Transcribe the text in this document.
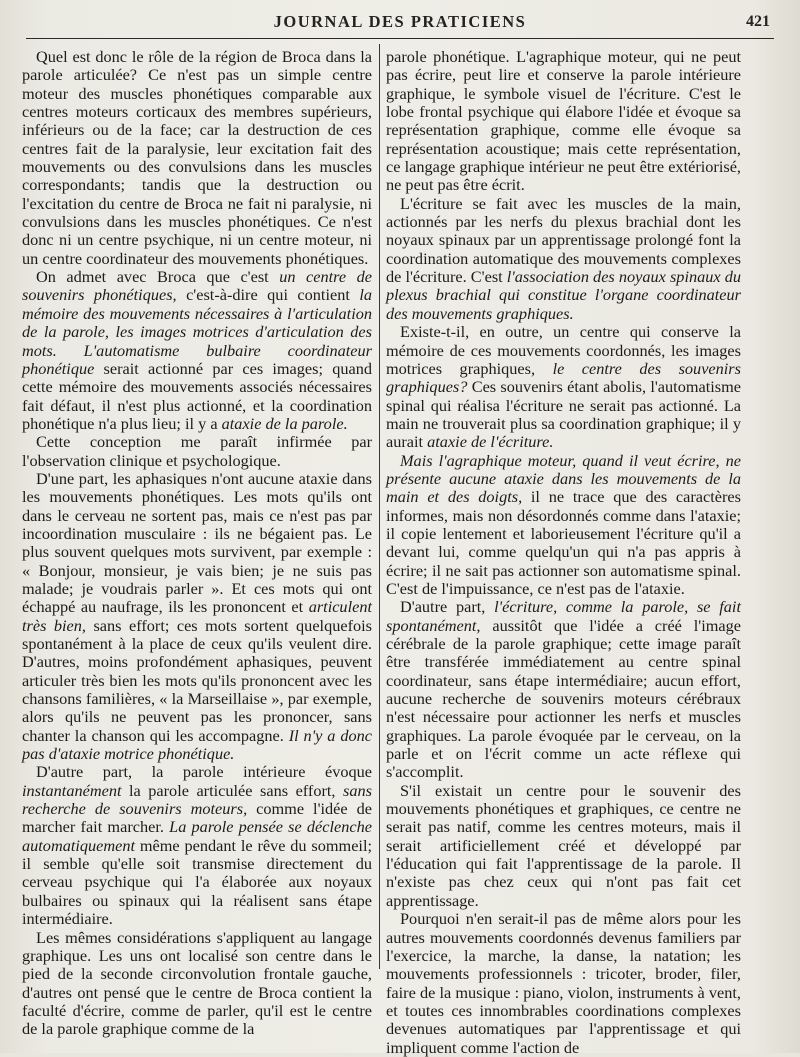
JOURNAL DES PRATICIENS	421

Quel est donc le rôle de la région de Broca dans la parole articulée? Ce n'est pas un simple centre moteur des muscles phonétiques comparable aux centres moteurs corticaux des membres supérieurs, inférieurs ou de la face; car la destruction de ces centres fait de la paralysie, leur excitation fait des mouvements ou des convulsions dans les muscles correspondants; tandis que la destruction ou l'excitation du centre de Broca ne fait ni paralysie, ni convulsions dans les muscles phonétiques. Ce n'est donc ni un centre psychique, ni un centre moteur, ni un centre coordinateur des mouvements phonétiques.

On admet avec Broca que c'est un centre de souvenirs phonétiques, c'est-à-dire qui contient la mémoire des mouvements nécessaires à l'articulation de la parole, les images motrices d'articulation des mots. L'automatisme bulbaire coordinateur phonétique serait actionné par ces images; quand cette mémoire des mouvements associés nécessaires fait défaut, il n'est plus actionné, et la coordination phonétique n'a plus lieu; il y a ataxie de la parole.

Cette conception me paraît infirmée par l'observation clinique et psychologique.

D'une part, les aphasiques n'ont aucune ataxie dans les mouvements phonétiques. Les mots qu'ils ont dans le cerveau ne sortent pas, mais ce n'est pas par incoordination musculaire : ils ne bégaient pas. Le plus souvent quelques mots survivent, par exemple : « Bonjour, monsieur, je vais bien; je ne suis pas malade; je voudrais parler ». Et ces mots qui ont échappé au naufrage, ils les prononcent et articulent très bien, sans effort; ces mots sortent quelquefois spontanément à la place de ceux qu'ils veulent dire. D'autres, moins profondément aphasiques, peuvent articuler très bien les mots qu'ils prononcent avec les chansons familières, « la Marseillaise », par exemple, alors qu'ils ne peuvent pas les prononcer, sans chanter la chanson qui les accompagne. Il n'y a donc pas d'ataxie motrice phonétique.

D'autre part, la parole intérieure évoque instantanément la parole articulée sans effort, sans recherche de souvenirs moteurs, comme l'idée de marcher fait marcher. La parole pensée se déclenche automatiquement même pendant le rêve du sommeil; il semble qu'elle soit transmise directement du cerveau psychique qui l'a élaborée aux noyaux bulbaires ou spinaux qui la réalisent sans étape intermédiaire.

Les mêmes considérations s'appliquent au langage graphique. Les uns ont localisé son centre dans le pied de la seconde circonvolution frontale gauche, d'autres ont pensé que le centre de Broca contient la faculté d'écrire, comme de parler, qu'il est le centre de la parole graphique comme de la

parole phonétique. L'agraphique moteur, qui ne peut pas écrire, peut lire et conserve la parole intérieure graphique, le symbole visuel de l'écriture. C'est le lobe frontal psychique qui élabore l'idée et évoque sa représentation graphique, comme elle évoque sa représentation acoustique; mais cette représentation, ce langage graphique intérieur ne peut être extériorisé, ne peut pas être écrit.

L'écriture se fait avec les muscles de la main, actionnés par les nerfs du plexus brachial dont les noyaux spinaux par un apprentissage prolongé font la coordination automatique des mouvements complexes de l'écriture. C'est l'association des noyaux spinaux du plexus brachial qui constitue l'organe coordinateur des mouvements graphiques.

Existe-t-il, en outre, un centre qui conserve la mémoire de ces mouvements coordonnés, les images motrices graphiques, le centre des souvenirs graphiques? Ces souvenirs étant abolis, l'automatisme spinal qui réalisa l'écriture ne serait pas actionné. La main ne trouverait plus sa coordination graphique; il y aurait ataxie de l'écriture.

Mais l'agraphique moteur, quand il veut écrire, ne présente aucune ataxie dans les mouvements de la main et des doigts, il ne trace que des caractères informes, mais non désordonnés comme dans l'ataxie; il copie lentement et laborieusement l'écriture qu'il a devant lui, comme quelqu'un qui n'a pas appris à écrire; il ne sait pas actionner son automatisme spinal. C'est de l'impuissance, ce n'est pas de l'ataxie.

D'autre part, l'écriture, comme la parole, se fait spontanément, aussitôt que l'idée a créé l'image cérébrale de la parole graphique; cette image paraît être transférée immédiatement au centre spinal coordinateur, sans étape intermédiaire; aucun effort, aucune recherche de souvenirs moteurs cérébraux n'est nécessaire pour actionner les nerfs et muscles graphiques. La parole évoquée par le cerveau, on la parle et on l'écrit comme un acte réflexe qui s'accomplit.

S'il existait un centre pour le souvenir des mouvements phonétiques et graphiques, ce centre ne serait pas natif, comme les centres moteurs, mais il serait artificiellement créé et développé par l'éducation qui fait l'apprentissage de la parole. Il n'existe pas chez ceux qui n'ont pas fait cet apprentissage.

Pourquoi n'en serait-il pas de même alors pour les autres mouvements coordonnés devenus familiers par l'exercice, la marche, la danse, la natation; les mouvements professionnels : tricoter, broder, filer, faire de la musique : piano, violon, instruments à vent, et toutes ces innombrables coordinations complexes devenues automatiques par l'apprentissage et qui impliquent comme l'action de
